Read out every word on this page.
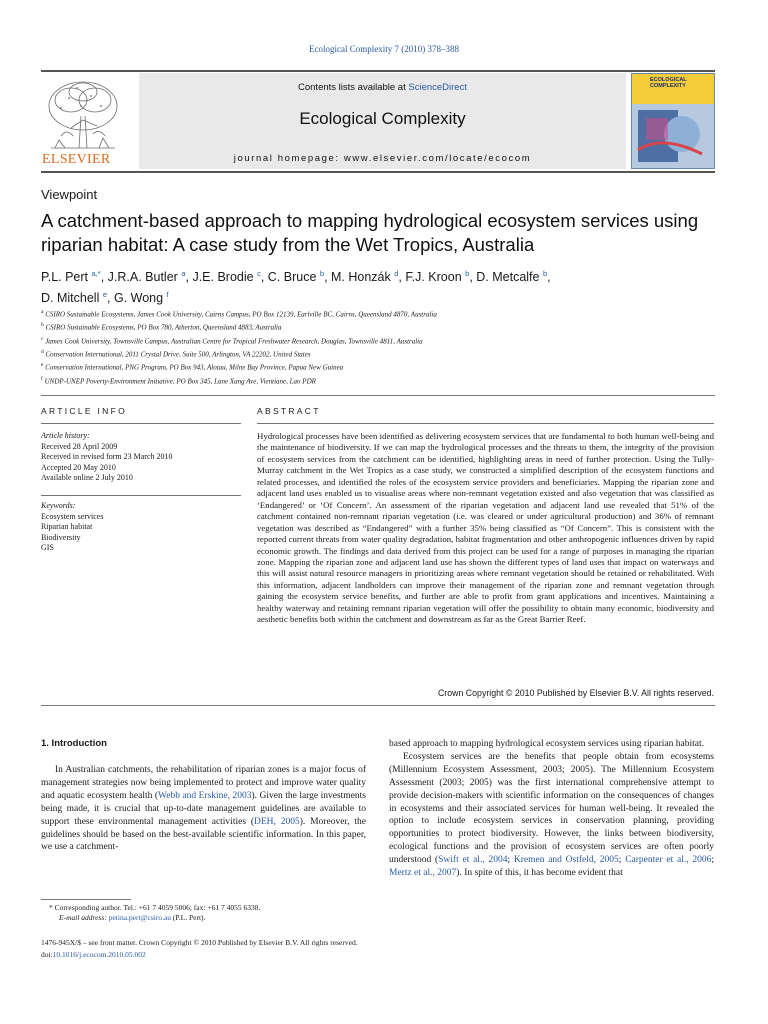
Ecological Complexity 7 (2010) 378–388
ELSEVIER
Contents lists available at ScienceDirect
Ecological Complexity
journal homepage: www.elsevier.com/locate/ecocom
ECOLOGICAL COMPLEXITY
Viewpoint
A catchment-based approach to mapping hydrological ecosystem services using riparian habitat: A case study from the Wet Tropics, Australia
P.L. Pert $^{a,*}$, J.R.A. Butler $^a$, J.E. Brodie $^c$, C. Bruce $^b$, M. Honzák $^d$, F.J. Kroon $^b$, D. Metcalfe $^b$,
D. Mitchell $^e$, G. Wong $^f$
$^a$ CSIRO Sustainable Ecosystems, James Cook University, Cairns Campus, PO Box 12139, Earlville BC, Cairns, Queensland 4870, Australia
$^b$ CSIRO Sustainable Ecosystems, PO Box 780, Atherton, Queensland 4883, Australia
$^c$ James Cook University, Townsville Campus, Australian Centre for Tropical Freshwater Research, Douglas, Townsville 4811, Australia
$^d$ Conservation International, 2011 Crystal Drive, Suite 500, Arlington, VA 22202, United States
$^e$ Conservation International, PNG Program, PO Box 943, Alotau, Milne Bay Province, Papua New Guinea
$^f$ UNDP-UNEP Poverty-Environment Initiative, PO Box 345, Lane Xang Ave, Vientiane, Lao PDR
ARTICLE INFO	ABSTRACT
Article history:
Received 28 April 2009
Received in revised form 23 March 2010
Accepted 20 May 2010
Available online 2 July 2010
Keywords:
Ecosystem services
Riparian habitat
Biodiversity
GIS
Hydrological processes have been identified as delivering ecosystem services that are fundamental to both human well-being and the maintenance of biodiversity. If we can map the hydrological processes and the threats to them, the integrity of the provision of ecosystem services from the catchment can be identified, highlighting areas in need of further protection. Using the Tully-Murray catchment in the Wet Tropics as a case study, we constructed a simplified description of the ecosystem functions and related processes, and identified the roles of the ecosystem service providers and beneficiaries. Mapping the riparian zone and adjacent land uses enabled us to visualise areas where non-remnant vegetation existed and also vegetation that was classified as ‘Endangered’ or ‘Of Concern’. An assessment of the riparian vegetation and adjacent land use revealed that 51% of the catchment contained non-remnant riparian vegetation (i.e. was cleared or under agricultural production) and 36% of remnant vegetation was described as “Endangered” with a further 35% being classified as “Of Concern”. This is consistent with the reported current threats from water quality degradation, habitat fragmentation and other anthropogenic influences driven by rapid economic growth. The findings and data derived from this project can be used for a range of purposes in managing the riparian zone. Mapping the riparian zone and adjacent land use has shown the different types of land uses that impact on waterways and this will assist natural resource managers in prioritizing areas where remnant vegetation should be retained or rehabilitated. With this information, adjacent landholders can improve their management of the riparian zone and remnant vegetation through gaining the ecosystem service benefits, and further are able to profit from grant applications and incentives. Maintaining a healthy waterway and retaining remnant riparian vegetation will offer the possibility to obtain many economic, biodiversity and aesthetic benefits both within the catchment and downstream as far as the Great Barrier Reef.
Crown Copyright © 2010 Published by Elsevier B.V. All rights reserved.
1. Introduction

In Australian catchments, the rehabilitation of riparian zones is a major focus of management strategies now being implemented to protect and improve water quality and aquatic ecosystem health (Webb and Erskine, 2003). Given the large investments being made, it is crucial that up-to-date management guidelines are available to support these environmental management activities (DEH, 2005). Moreover, the guidelines should be based on the best-available scientific information. In this paper, we use a catchment-

based approach to mapping hydrological ecosystem services using riparian habitat.

Ecosystem services are the benefits that people obtain from ecosystems (Millennium Ecosystem Assessment, 2003; 2005). The Millennium Ecosystem Assessment (2003; 2005) was the first international comprehensive attempt to provide decision-makers with scientific information on the consequences of changes in ecosystems and their associated services for human well-being. It revealed the option to include ecosystem services in conservation planning, providing opportunities to protect biodiversity. However, the links between biodiversity, ecological functions and the provision of ecosystem services are often poorly understood (Swift et al., 2004; Kremen and Ostfeld, 2005; Carpenter et al., 2006; Mertz et al., 2007). In spite of this, it has become evident that

* Corresponding author. Tel.: +61 7 4059 5006; fax: +61 7 4055 6338.
E-mail address: petina.pert@csiro.au (P.L. Pert).
1476-945X/$ – see front matter. Crown Copyright © 2010 Published by Elsevier B.V. All rights reserved.
doi:10.1016/j.ecocom.2010.05.002
